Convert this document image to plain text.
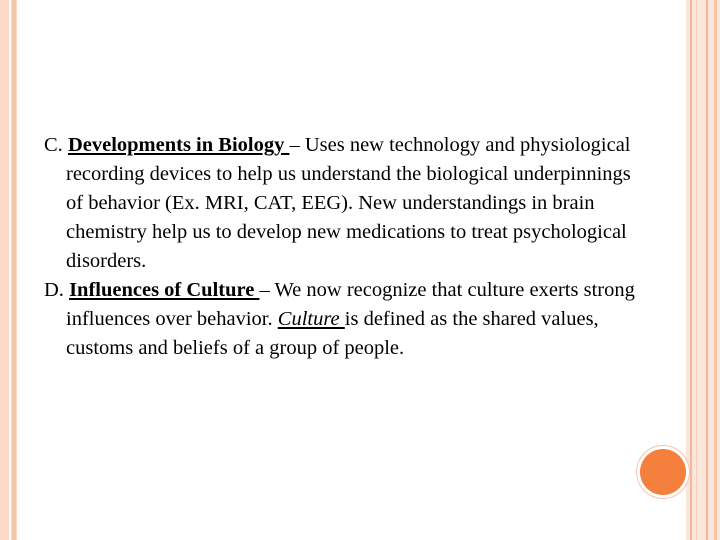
C. Developments in Biology – Uses new technology and physiological recording devices to help us understand the biological underpinnings of behavior (Ex. MRI, CAT, EEG). New understandings in brain chemistry help us to develop new medications to treat psychological disorders.

D. Influences of Culture – We now recognize that culture exerts strong influences over behavior. Culture is defined as the shared values, customs and beliefs of a group of people.
